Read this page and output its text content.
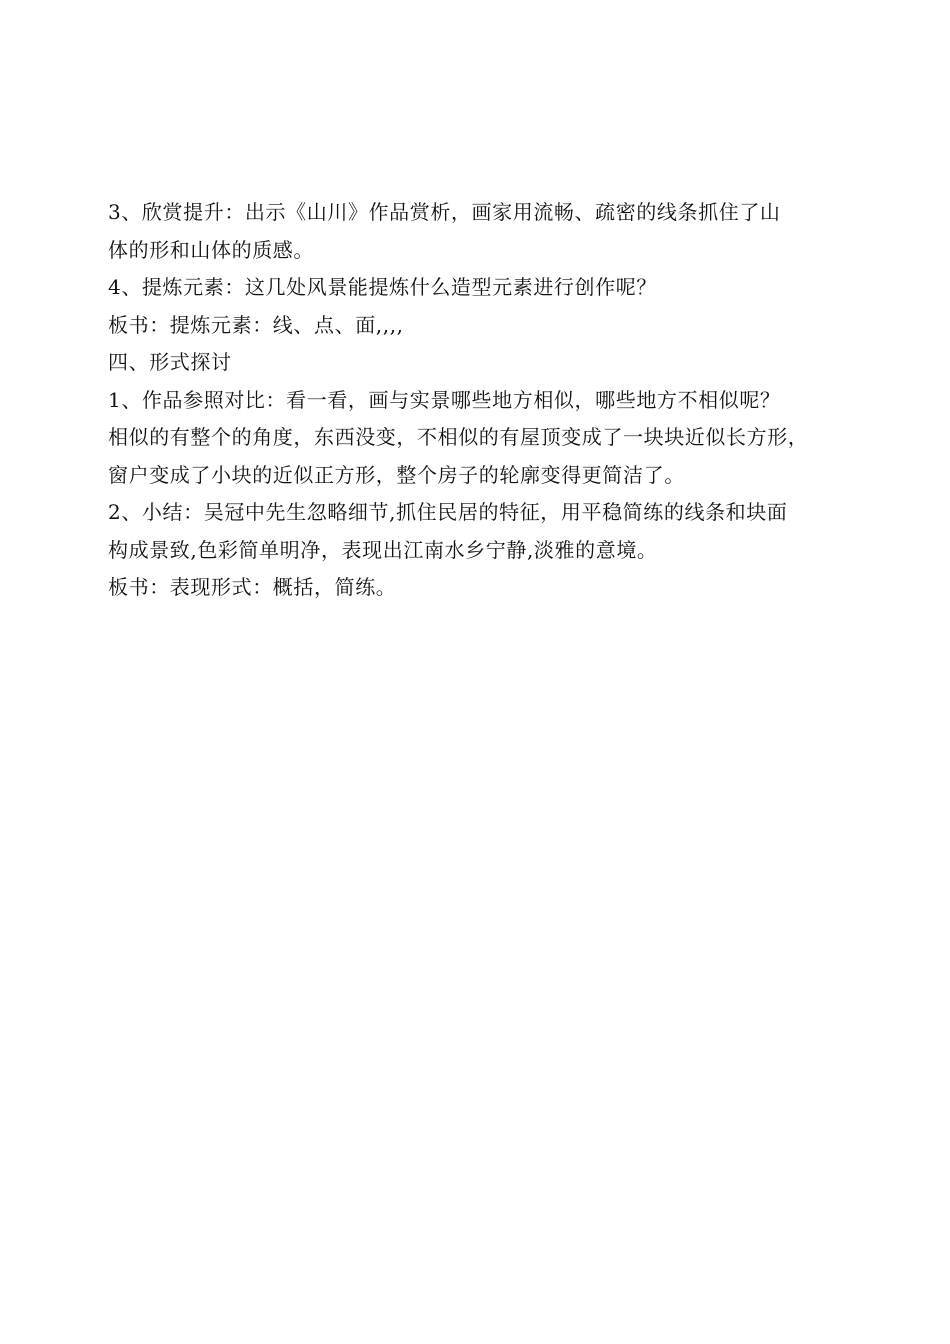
3、欣赏提升：出示《山川》作品赏析，画家用流畅、疏密的线条抓住了山
体的形和山体的质感。
4、提炼元素：这几处风景能提炼什么造型元素进行创作呢？
板书：提炼元素：线、点、面,,,,
四、形式探讨
1、作品参照对比：看一看，画与实景哪些地方相似，哪些地方不相似呢？
相似的有整个的角度，东西没变，不相似的有屋顶变成了一块块近似长方形，
窗户变成了小块的近似正方形，整个房子的轮廓变得更简洁了。
2、小结：吴冠中先生忽略细节,抓住民居的特征，用平稳简练的线条和块面
构成景致,色彩简单明净，表现出江南水乡宁静,淡雅的意境。
板书：表现形式：概括，简练。
